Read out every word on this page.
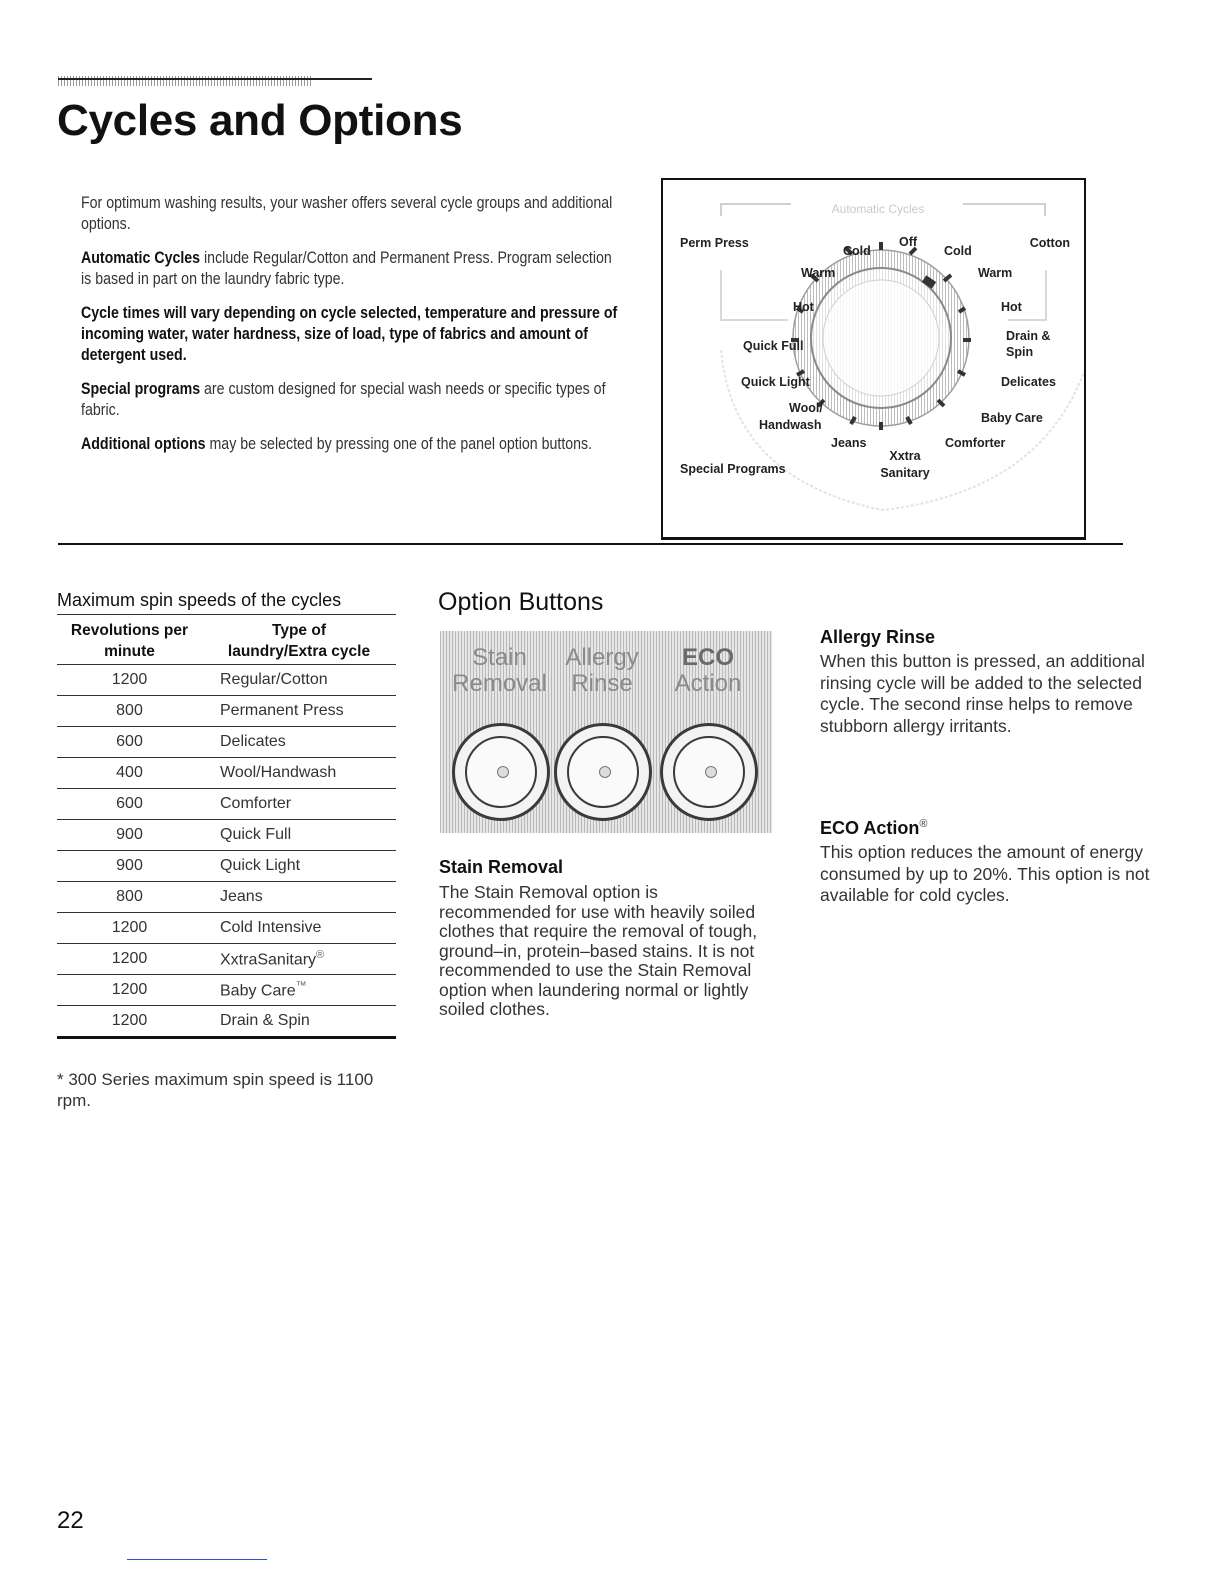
Cycles and Options

For optimum washing results, your washer offers several cycle groups and additional options.

Automatic Cycles include Regular/Cotton and Permanent Press. Program selection is based in part on the laundry fabric type.

Cycle times will vary depending on cycle selected, temperature and pressure of incoming water, water hardness, size of load, type of fabrics and amount of detergent used.

Special programs are custom designed for special wash needs or specific types of fabric.

Additional options may be selected by pressing one of the panel option buttons.

Automatic Cycles
Perm Press	Cotton
Off
Cold	Cold
Warm	Warm
Hot	Hot
Quick Full
Drain &
Spin
Quick Light	Delicates
Wool/
Handwash	Baby Care
Jeans	Comforter
Xxtra
Sanitary
Special Programs
Maximum spin speeds of the cycles
Revolutions per
minute	Type of
laundry/Extra cycle
1200	Regular/Cotton
800	Permanent Press
600	Delicates
400	Wool/Handwash
600	Comforter
900	Quick Full
900	Quick Light
800	Jeans
1200	Cold Intensive
1200	XxtraSanitary®
1200	Baby Care™
1200	Drain & Spin
* 300 Series maximum spin speed is 1100 rpm.
Option Buttons
Stain
Removal
Allergy
Rinse
ECO
Action
Stain Removal

The Stain Removal option is recommended for use with heavily soiled clothes that require the removal of tough, ground–in, protein–based stains. It is not recommended to use the Stain Removal option when laundering normal or lightly soiled clothes.

Allergy Rinse

When this button is pressed, an additional rinsing cycle will be added to the selected cycle. The second rinse helps to remove stubborn allergy irritants.

ECO Action®

This option reduces the amount of energy consumed by up to 20%. This option is not available for cold cycles.

22
